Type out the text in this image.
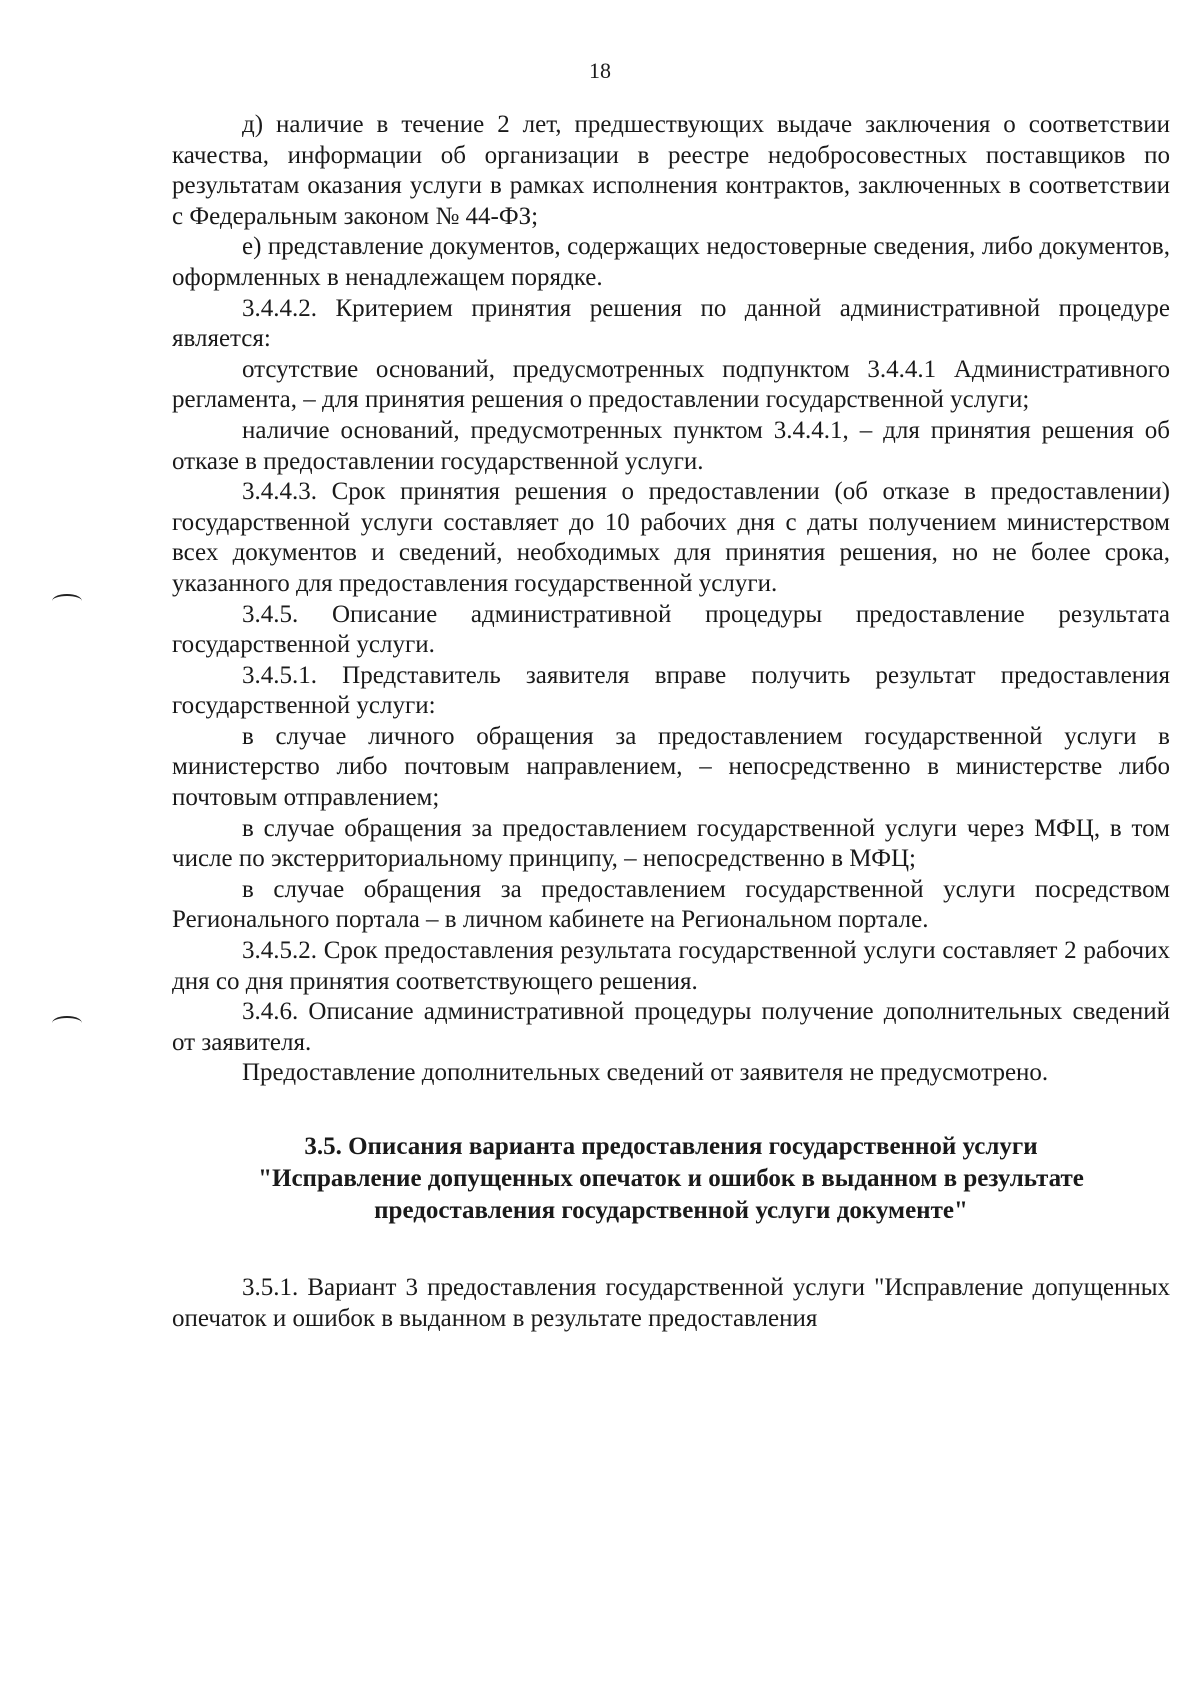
18

д) наличие в течение 2 лет, предшествующих выдаче заключения о соответствии качества, информации об организации в реестре недобросовестных поставщиков по результатам оказания услуги в рамках исполнения контрактов, заключенных в соответствии с Федеральным законом № 44-ФЗ;

е) представление документов, содержащих недостоверные сведения, либо документов, оформленных в ненадлежащем порядке.

3.4.4.2. Критерием принятия решения по данной административной процедуре является:

отсутствие оснований, предусмотренных подпунктом 3.4.4.1 Административного регламента, – для принятия решения о предоставлении государственной услуги;

наличие оснований, предусмотренных пунктом 3.4.4.1, – для принятия решения об отказе в предоставлении государственной услуги.

3.4.4.3. Срок принятия решения о предоставлении (об отказе в предоставлении) государственной услуги составляет до 10 рабочих дня с даты получением министерством всех документов и сведений, необходимых для принятия решения, но не более срока, указанного для предоставления государственной услуги.

3.4.5. Описание административной процедуры предоставление результата государственной услуги.

3.4.5.1. Представитель заявителя вправе получить результат предоставления государственной услуги:

в случае личного обращения за предоставлением государственной услуги в министерство либо почтовым направлением, – непосредственно в министерстве либо почтовым отправлением;

в случае обращения за предоставлением государственной услуги через МФЦ, в том числе по экстерриториальному принципу, – непосредственно в МФЦ;

в случае обращения за предоставлением государственной услуги посредством Регионального портала – в личном кабинете на Региональном портале.

3.4.5.2. Срок предоставления результата государственной услуги составляет 2 рабочих дня со дня принятия соответствующего решения.

3.4.6. Описание административной процедуры получение дополнительных сведений от заявителя.

Предоставление дополнительных сведений от заявителя не предусмотрено.

3.5. Описания варианта предоставления государственной услуги
"Исправление допущенных опечаток и ошибок в выданном в результате
предоставления государственной услуги документе"

3.5.1. Вариант 3 предоставления государственной услуги "Исправление допущенных опечаток и ошибок в выданном в результате предоставления
